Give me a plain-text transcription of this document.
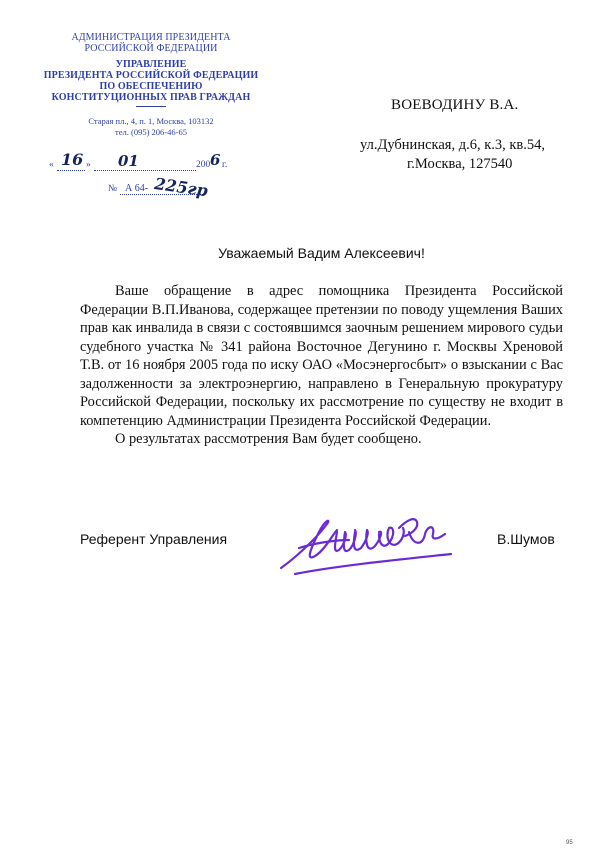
АДМИНИСТРАЦИЯ ПРЕЗИДЕНТА
РОССИЙСКОЙ ФЕДЕРАЦИИ
УПРАВЛЕНИЕ
ПРЕЗИДЕНТА РОССИЙСКОЙ ФЕДЕРАЦИИ
ПО ОБЕСПЕЧЕНИЮ
КОНСТИТУЦИОННЫХ ПРАВ ГРАЖДАН
Старая пл., 4, п. 1, Москва, 103132
тел. (095) 206-46-65
« 16 » 01	200 6 г.
№ А 64- 225гр
ВОЕВОДИНУ В.А.
ул.Дубнинская, д.6, к.3, кв.54,
г.Москва, 127540
Уважаемый Вадим Алексеевич!

Ваше обращение в адрес помощника Президента Российской Федерации В.П.Иванова, содержащее претензии по поводу ущемления Ваших прав как инвалида в связи с состоявшимся заочным решением мирового судьи судебного участка № 341 района Восточное Дегунино г. Москвы Хреновой Т.В. от 16 ноября 2005 года по иску ОАО «Мосэнергосбыт» о взыскании с Вас задолженности за электроэнергию, направлено в Генеральную прокуратуру Российской Федерации, поскольку их рассмотрение по существу не входит в компетенцию Администрации Президента Российской Федерации.

О результатах рассмотрения Вам будет сообщено.

Референт Управления	В.Шумов
95
